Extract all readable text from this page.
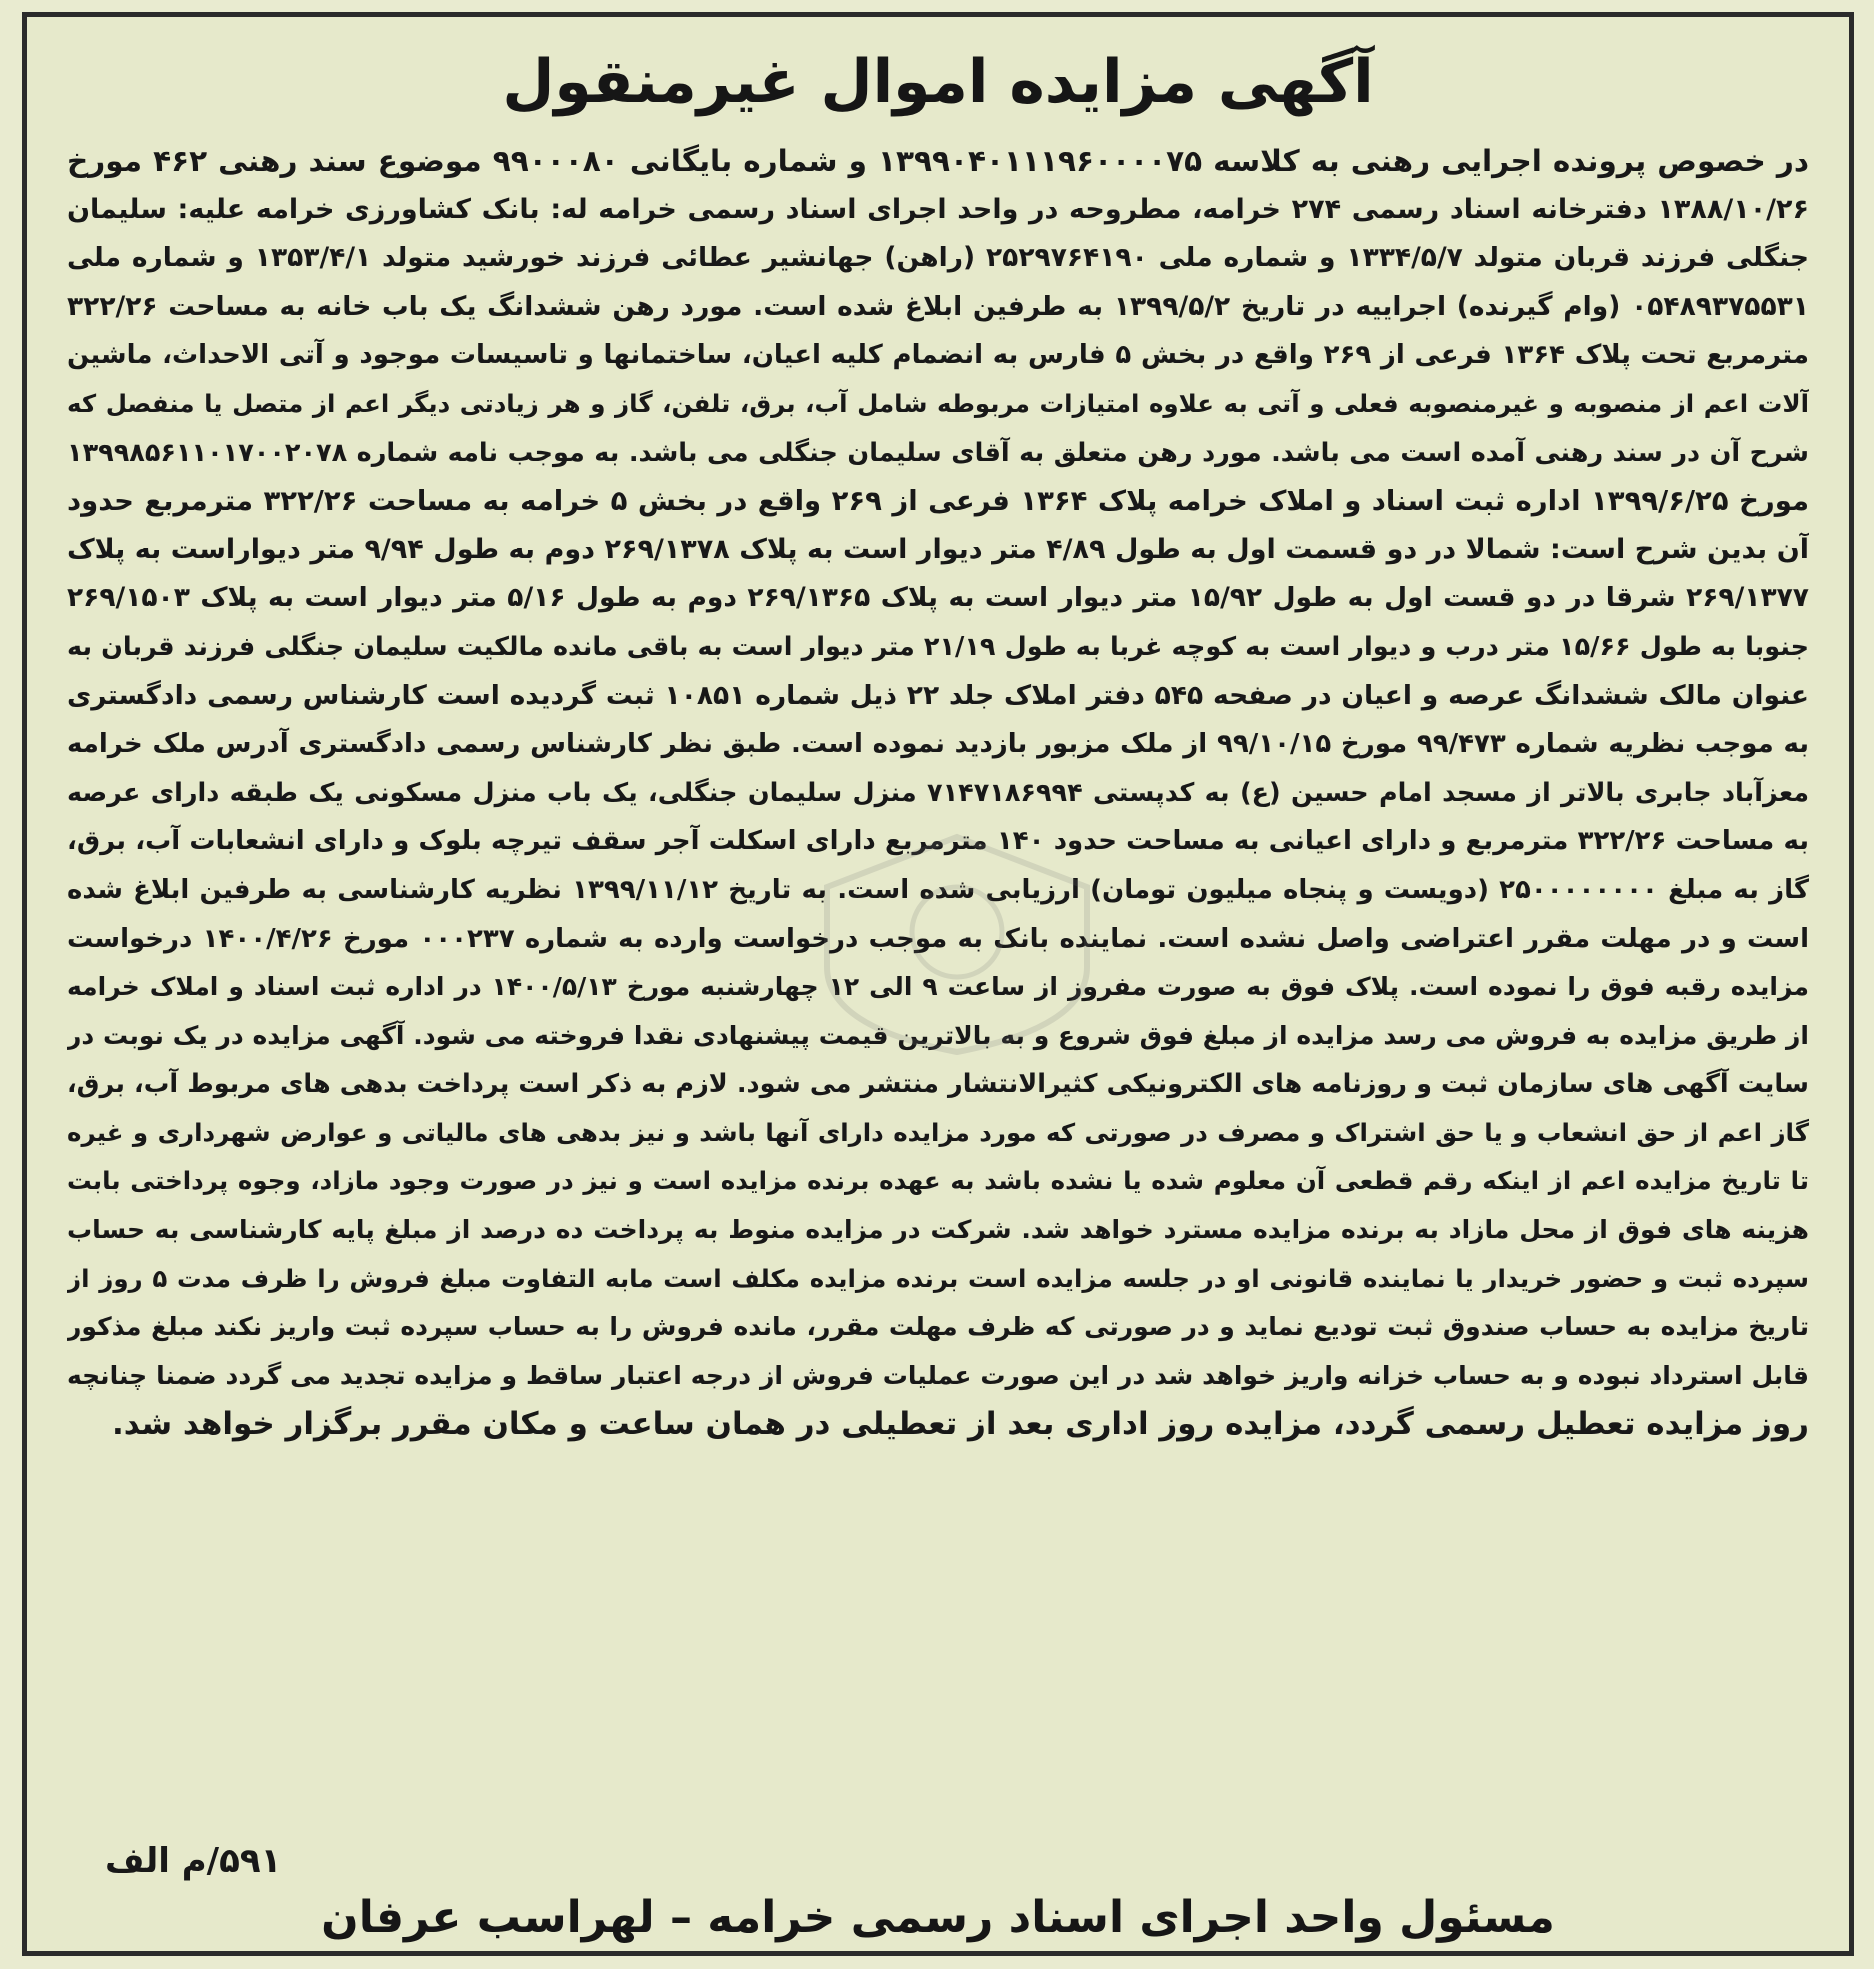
آگهی مزایده اموال غیرمنقول
در خصوص پرونده اجرایی رهنی به کلاسه ۱۳۹۹۰۴۰۱۱۱۹۶۰۰۰۰۷۵ و شماره بایگانی ۹۹۰۰۰۸۰ موضوع سند رهنی ۴۶۲ مورخ
۱۳۸۸/۱۰/۲۶ دفترخانه اسناد رسمی ۲۷۴ خرامه، مطروحه در واحد اجرای اسناد رسمی خرامه له: بانک کشاورزی خرامه علیه: سلیمان
جنگلی فرزند قربان متولد ۱۳۳۴/۵/۷ و شماره ملی ۲۵۲۹۷۶۴۱۹۰ (راهن) جهانشیر عطائی فرزند خورشید متولد ۱۳۵۳/۴/۱ و شماره ملی
۰۵۴۸۹۳۷۵۵۳۱ (وام گیرنده) اجراییه در تاریخ ۱۳۹۹/۵/۲ به طرفین ابلاغ شده است. مورد رهن ششدانگ یک باب خانه به مساحت ۳۲۲/۲۶
مترمربع تحت پلاک ۱۳۶۴ فرعی از ۲۶۹ واقع در بخش ۵ فارس به انضمام کلیه اعیان، ساختمانها و تاسیسات موجود و آتی الاحداث، ماشین
آلات اعم از منصوبه و غیرمنصوبه فعلی و آتی به علاوه امتیازات مربوطه شامل آب، برق، تلفن، گاز و هر زیادتی دیگر اعم از متصل یا منفصل که
شرح آن در سند رهنی آمده است می باشد. مورد رهن متعلق به آقای سلیمان جنگلی می باشد. به موجب نامه شماره ۱۳۹۹۸۵۶۱۱۰۱۷۰۰۲۰۷۸
مورخ ۱۳۹۹/۶/۲۵ اداره ثبت اسناد و املاک خرامه پلاک ۱۳۶۴ فرعی از ۲۶۹ واقع در بخش ۵ خرامه به مساحت ۳۲۲/۲۶ مترمربع حدود
آن بدین شرح است: شمالا در دو قسمت اول به طول ۴/۸۹ متر دیوار است به پلاک ۲۶۹/۱۳۷۸ دوم به طول ۹/۹۴ متر دیواراست به پلاک
۲۶۹/۱۳۷۷ شرقا در دو قست اول به طول ۱۵/۹۲ متر دیوار است به پلاک ۲۶۹/۱۳۶۵ دوم به طول ۵/۱۶ متر دیوار است به پلاک ۲۶۹/۱۵۰۳
جنوبا به طول ۱۵/۶۶ متر درب و دیوار است به کوچه غربا به طول ۲۱/۱۹ متر دیوار است به باقی مانده مالکیت سلیمان جنگلی فرزند قربان به
عنوان مالک ششدانگ عرصه و اعیان در صفحه ۵۴۵ دفتر املاک جلد ۲۲ ذیل شماره ۱۰۸۵۱ ثبت گردیده است کارشناس رسمی دادگستری
به موجب نظریه شماره ۹۹/۴۷۳ مورخ ۹۹/۱۰/۱۵ از ملک مزبور بازدید نموده است. طبق نظر کارشناس رسمی دادگستری آدرس ملک خرامه
معزآباد جابری بالاتر از مسجد امام حسین (ع) به کدپستی ۷۱۴۷۱۸۶۹۹۴ منزل سلیمان جنگلی، یک باب منزل مسکونی یک طبقه دارای عرصه
به مساحت ۳۲۲/۲۶ مترمربع و دارای اعیانی به مساحت حدود ۱۴۰ مترمربع دارای اسکلت آجر سقف تیرچه بلوک و دارای انشعابات آب، برق،
گاز به مبلغ ۲۵۰۰۰۰۰۰۰۰ (دویست و پنجاه میلیون تومان) ارزیابی شده است. به تاریخ ۱۳۹۹/۱۱/۱۲ نظریه کارشناسی به طرفین ابلاغ شده
است و در مهلت مقرر اعتراضی واصل نشده است. نماینده بانک به موجب درخواست وارده به شماره ۰۰۰۲۳۷ مورخ ۱۴۰۰/۴/۲۶ درخواست
مزایده رقبه فوق را نموده است. پلاک فوق به صورت مفروز از ساعت ۹ الی ۱۲ چهارشنبه مورخ ۱۴۰۰/۵/۱۳ در اداره ثبت اسناد و املاک خرامه
از طریق مزایده به فروش می رسد مزایده از مبلغ فوق شروع و به بالاترین قیمت پیشنهادی نقدا فروخته می شود. آگهی مزایده در یک نوبت در
سایت آگهی های سازمان ثبت و روزنامه های الکترونیکی کثیرالانتشار منتشر می شود. لازم به ذکر است پرداخت بدهی های مربوط آب، برق،
گاز اعم از حق انشعاب و یا حق اشتراک و مصرف در صورتی که مورد مزایده دارای آنها باشد و نیز بدهی های مالیاتی و عوارض شهرداری و غیره
تا تاریخ مزایده اعم از اینکه رقم قطعی آن معلوم شده یا نشده باشد به عهده برنده مزایده است و نیز در صورت وجود مازاد، وجوه پرداختی بابت
هزینه های فوق از محل مازاد به برنده مزایده مسترد خواهد شد. شرکت در مزایده منوط به پرداخت ده درصد از مبلغ پایه کارشناسی به حساب
سپرده ثبت و حضور خریدار یا نماینده قانونی او در جلسه مزایده است برنده مزایده مکلف است مابه التفاوت مبلغ فروش را ظرف مدت ۵ روز از
تاریخ مزایده به حساب صندوق ثبت تودیع نماید و در صورتی که ظرف مهلت مقرر، مانده فروش را به حساب سپرده ثبت واریز نکند مبلغ مذکور
قابل استرداد نبوده و به حساب خزانه واریز خواهد شد در این صورت عملیات فروش از درجه اعتبار ساقط و مزایده تجدید می گردد ضمنا چنانچه
روز مزایده تعطیل رسمی گردد، مزایده روز اداری بعد از تعطیلی در همان ساعت و مکان مقرر برگزار خواهد شد.
۵۹۱/م الف
مسئول واحد اجرای اسناد رسمی خرامه – لهراسب عرفان
